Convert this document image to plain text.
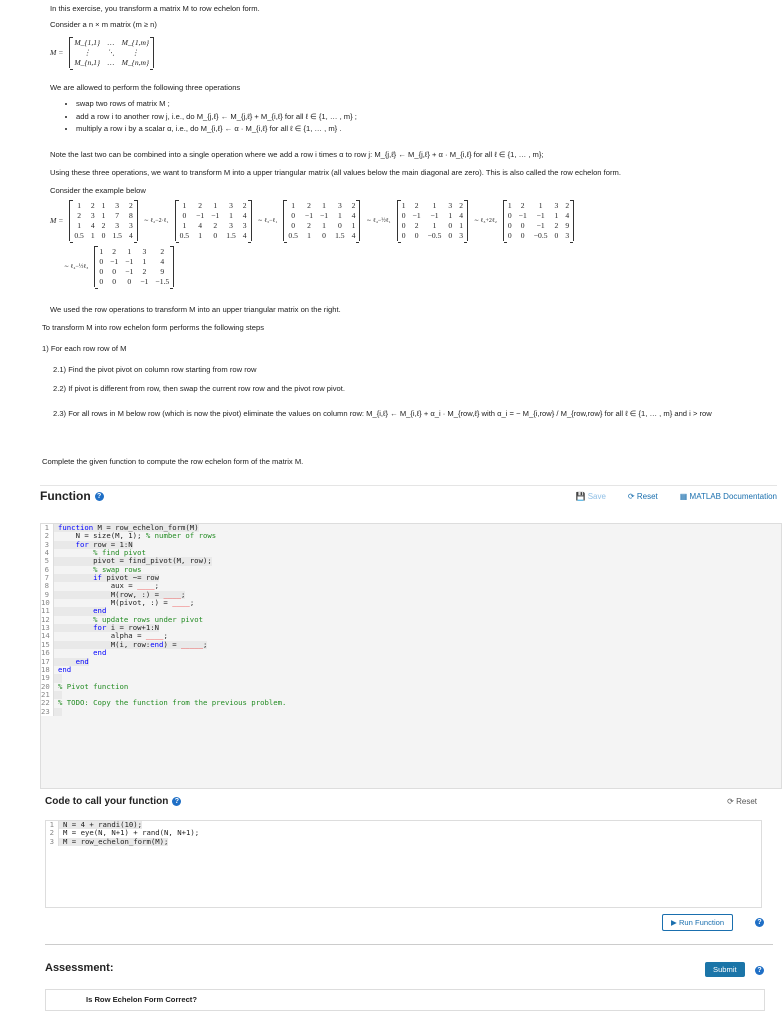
In this exercise, you transform a matrix M to row echelon form.
Consider a n × m matrix (m ≥ n)
M =
M_{1,1} … M_{1,m}
⋮	⋱	⋮
M_{n,1} … M_{n,m}
We are allowed to perform the following three operations
• swap two rows of matrix M ;
• add a row i to another row j, i.e., do M_{j,ℓ} ← M_{j,ℓ} + M_{i,ℓ} for all ℓ ∈ {1, … , m} ;
• multiply a row i by a scalar α, i.e., do M_{i,ℓ} ← α · M_{i,ℓ} for all ℓ ∈ {1, … , m} .
Note the last two can be combined into a single operation where we add a row i times α to row j: M_{j,ℓ} ← M_{j,ℓ} + α · M_{i,ℓ} for all ℓ ∈ {1, … , m};
Using these three operations, we want to transform M into a upper triangular matrix (all values below the main diagonal are zero). This is also called the row echelon form.
Consider the example below
M =
1	2 1	3	2
2	3 1	7	8
1	4 2	3	3
0.5 1 0 1.5 4
∼ ℓ₂−2·ℓ₁
1	2 1	3	2
0	−1 −1	1	4
1	4 2	3	3
0.5 1 0 1.5 4
∼ ℓ₃−ℓ₁
1	2 1	3	2
0	−1 −1	1	4
0	2 1	0	1
0.5 1 0 1.5 4
∼ ℓ₄−½ℓ₁
1 2	1	3 2
0 −1	−1	1 4
0 2	1	0 1
0 0 −0.5 0 3
∼ ℓ₃+2ℓ₂
1 2	1	3 2
0 −1	−1	1 4
0 0	−1	2 9
0 0 −0.5 0 3
∼ ℓ₄−½ℓ₃
1 2 1 3	2
0 −1 −1 1	4
0 0 −1 2	9
0 0 0 −1 −1.5
We used the row operations to transform M into an upper triangular matrix on the right.
To transform M into row echelon form performs the following steps
1) For each row row of M
2.1) Find the pivot pivot on column row starting from row row
2.2) If pivot is different from row, then swap the current row row and the pivot row pivot.
2.3) For all rows in M below row (which is now the pivot) eliminate the values on column row: M_{i,ℓ} ← M_{i,ℓ} + α_i · M_{row,ℓ} with α_i = − M_{i,row} / M_{row,row} for all ℓ ∈ {1, … , m} and i > row
Complete the given function to compute the row echelon form of the matrix M.
Function ?	💾 Save	⟳ Reset	▦ MATLAB Documentation
1	function M = row_echelon_form(M)
2	N = size(M, 1); % number of rows
3	for row = 1:N
4	% find pivot
5	pivot = find_pivot(M, row);
6	% swap rows
7	if pivot ~= row
8	aux = ____;
9	M(row, :) = ____;
10	M(pivot, :) = ____;
11	end
12	% update rows under pivot
13	for i = row+1:N
14	alpha = ____;
15	M(i, row:end) = _____;
16	end
17	end
18	end
19

20	% Pivot function
21

22	% TODO: Copy the function from the previous problem.
23

Code to call your function ?	⟳ Reset
1	N = 4 + randi(10);
2	M = eye(N, N+1) + rand(N, N+1);
3	M = row_echelon_form(M);
▶ Run Function	?
Assessment:	Submit	?
Is Row Echelon Form Correct?
